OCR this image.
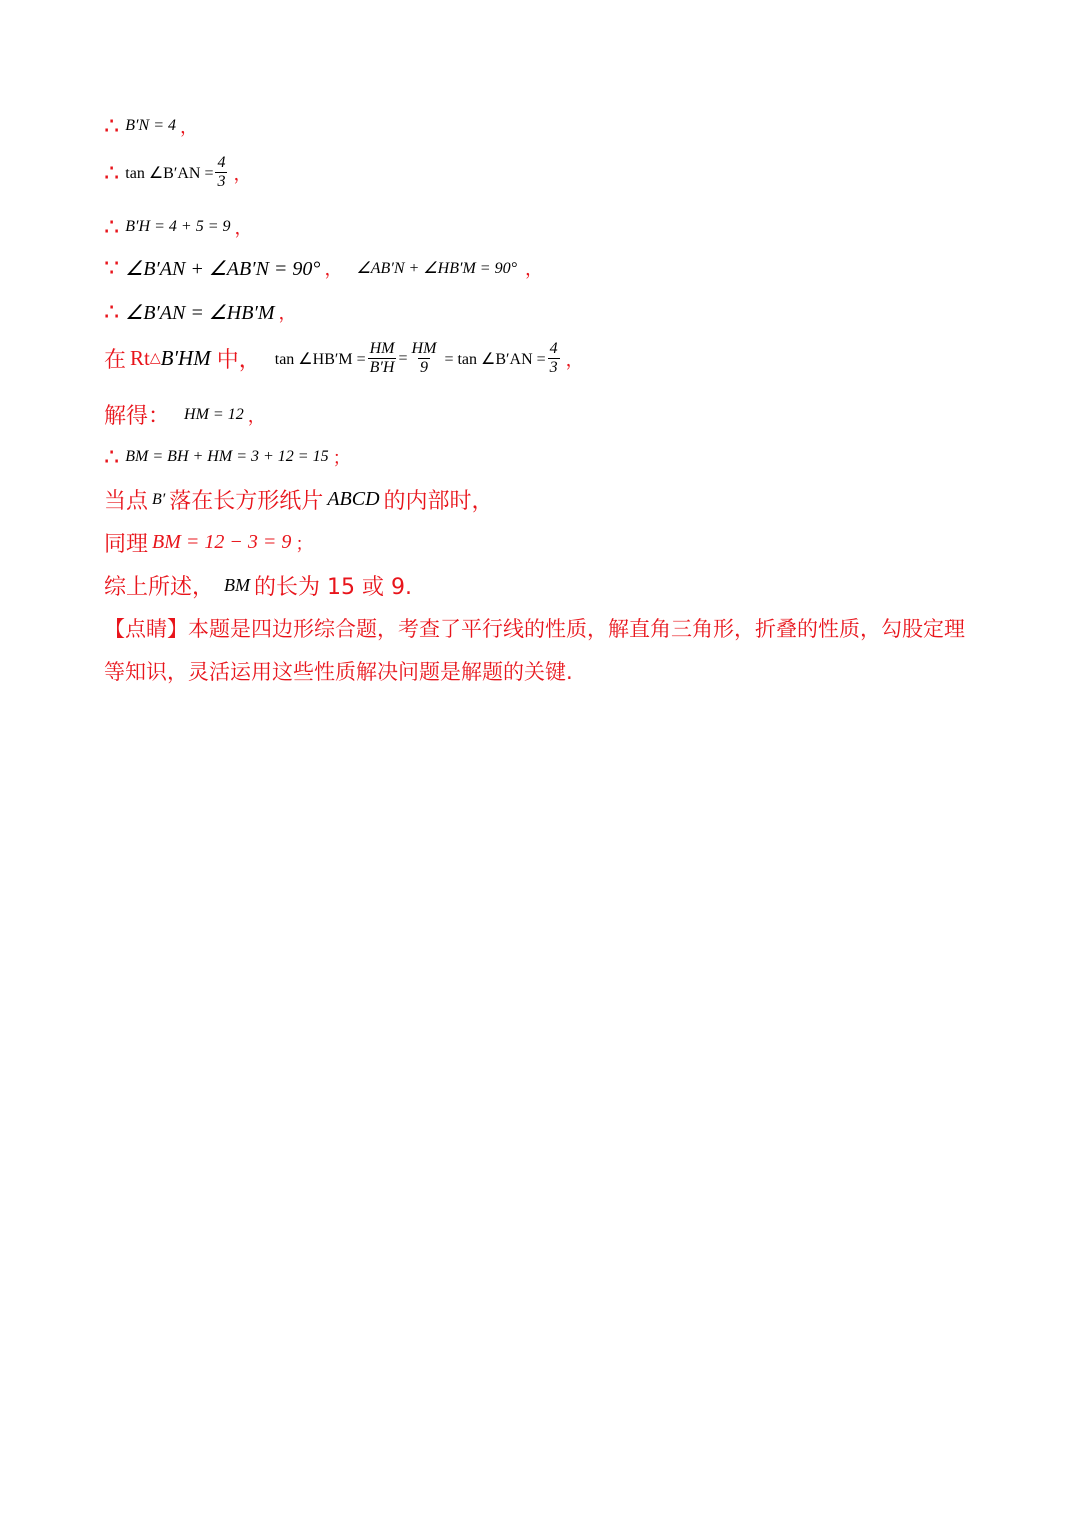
∴ B′N = 4 ，
∴ tan ∠B′AN = $\frac{4}{3}$ ，
∴ B′H = 4 + 5 = 9 ，
∵ ∠B′AN + ∠AB′N = 90° ， ∠AB′N + ∠HB′M = 90° ，
∴ ∠B′AN = ∠HB′M ，
在 Rt △ B′HM 中， tan ∠HB′M = $\frac{HM}{B'H} = \frac{HM}{9} = \tan$ ∠B′AN = $\frac{4}{3}$ ，
解得： HM = 12 ，
∴ BM = BH + HM = 3 + 12 = 15 ；
当点 B′ 落在长方形纸片 ABCD 的内部时，
同理 BM = 12 − 3 = 9 ；
综上所述， BM 的长为 15 或 9.
【点睛】本题是四边形综合题，考查了平行线的性质，解直角三角形，折叠的性质，勾股定理等知识，灵活运用这些性质解决问题是解题的关键.
